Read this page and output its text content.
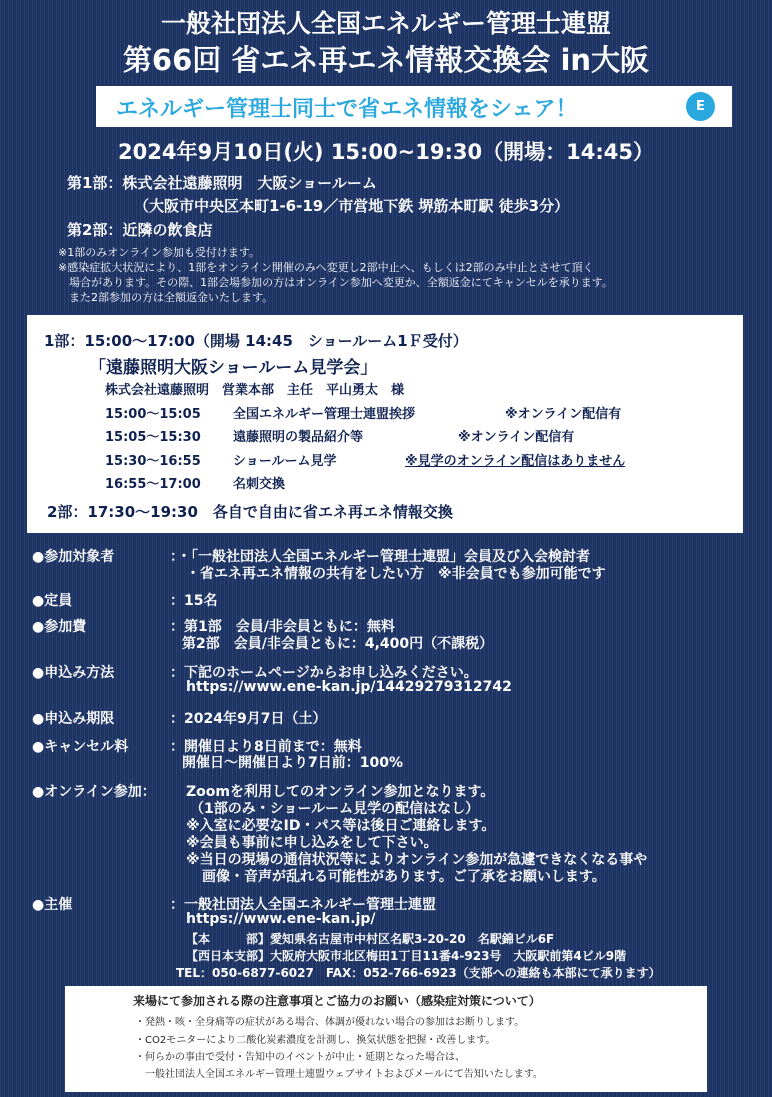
一般社団法人全国エネルギー管理士連盟
第66回 省エネ再エネ情報交換会 in大阪
エネルギー管理士同士で省エネ情報をシェア！	E
2024年9月10日(火) 15:00~19:30（開場：14:45）
第1部：株式会社遠藤照明　大阪ショールーム
（大阪市中央区本町1-6-19／市営地下鉄 堺筋本町駅 徒歩3分）
第2部：近隣の飲食店
※1部のみオンライン参加も受付けます。
※感染症拡大状況により、1部をオンライン開催のみへ変更し2部中止へ、もしくは2部のみ中止とさせて頂く
　場合があります。その際、1部会場参加の方はオンライン参加へ変更か、全額返金にてキャンセルを承ります。
　また2部参加の方は全額返金いたします。
1部：15:00～17:00（開場 14:45　ショールーム1Ｆ受付）
「遠藤照明大阪ショールーム見学会」
株式会社遠藤照明　営業本部　主任　平山勇太　様
15:00～15:05 全国エネルギー管理士連盟挨拶	※オンライン配信有
15:05～15:30 遠藤照明の製品紹介等	※オンライン配信有
15:30～16:55 ショールーム見学	※見学のオンライン配信はありません
16:55～17:00 名刺交換
2部：17:30～19:30　各自で自由に省エネ再エネ情報交換
●参加対象者	：・「一般社団法人全国エネルギー管理士連盟」会員及び入会検討者
・省エネ再エネ情報の共有をしたい方　※非会員でも参加可能です
●定員	：15名
●参加費	：第1部　会員/非会員ともに：無料
第2部　会員/非会員ともに：4,400円（不課税）
●申込み方法	：下記のホームページからお申し込みください。
https://www.ene-kan.jp/14429279312742
●申込み期限	：2024年9月7日（土）
●キャンセル料	：開催日より8日前まで：無料
開催日～開催日より7日前：100%
●オンライン参加： Zoomを利用してのオンライン参加となります。
（1部のみ・ショールーム見学の配信はなし）
※入室に必要なID・パス等は後日ご連絡します。
※会員も事前に申し込みをして下さい。
※当日の現場の通信状況等によりオンライン参加が急遽できなくなる事や
画像・音声が乱れる可能性があります。ご了承をお願いします。
●主催	：一般社団法人全国エネルギー管理士連盟
https://www.ene-kan.jp/
【本　　　部】愛知県名古屋市中村区名駅3-20-20　名駅錦ビル6F
【西日本支部】大阪府大阪市北区梅田1丁目11番4-923号　大阪駅前第4ビル9階
TEL：050-6877-6027　FAX：052-766-6923（支部への連絡も本部にて承ります）
来場にて参加される際の注意事項とご協力のお願い（感染症対策について）
・発熱・咳・全身痛等の症状がある場合、体調が優れない場合の参加はお断りします。
・CO2モニターにより二酸化炭素濃度を計測し、換気状態を把握・改善します。
・何らかの事由で受付・告知中のイベントが中止・延期となった場合は、
　一般社団法人全国エネルギー管理士連盟ウェブサイトおよびメールにて告知いたします。
